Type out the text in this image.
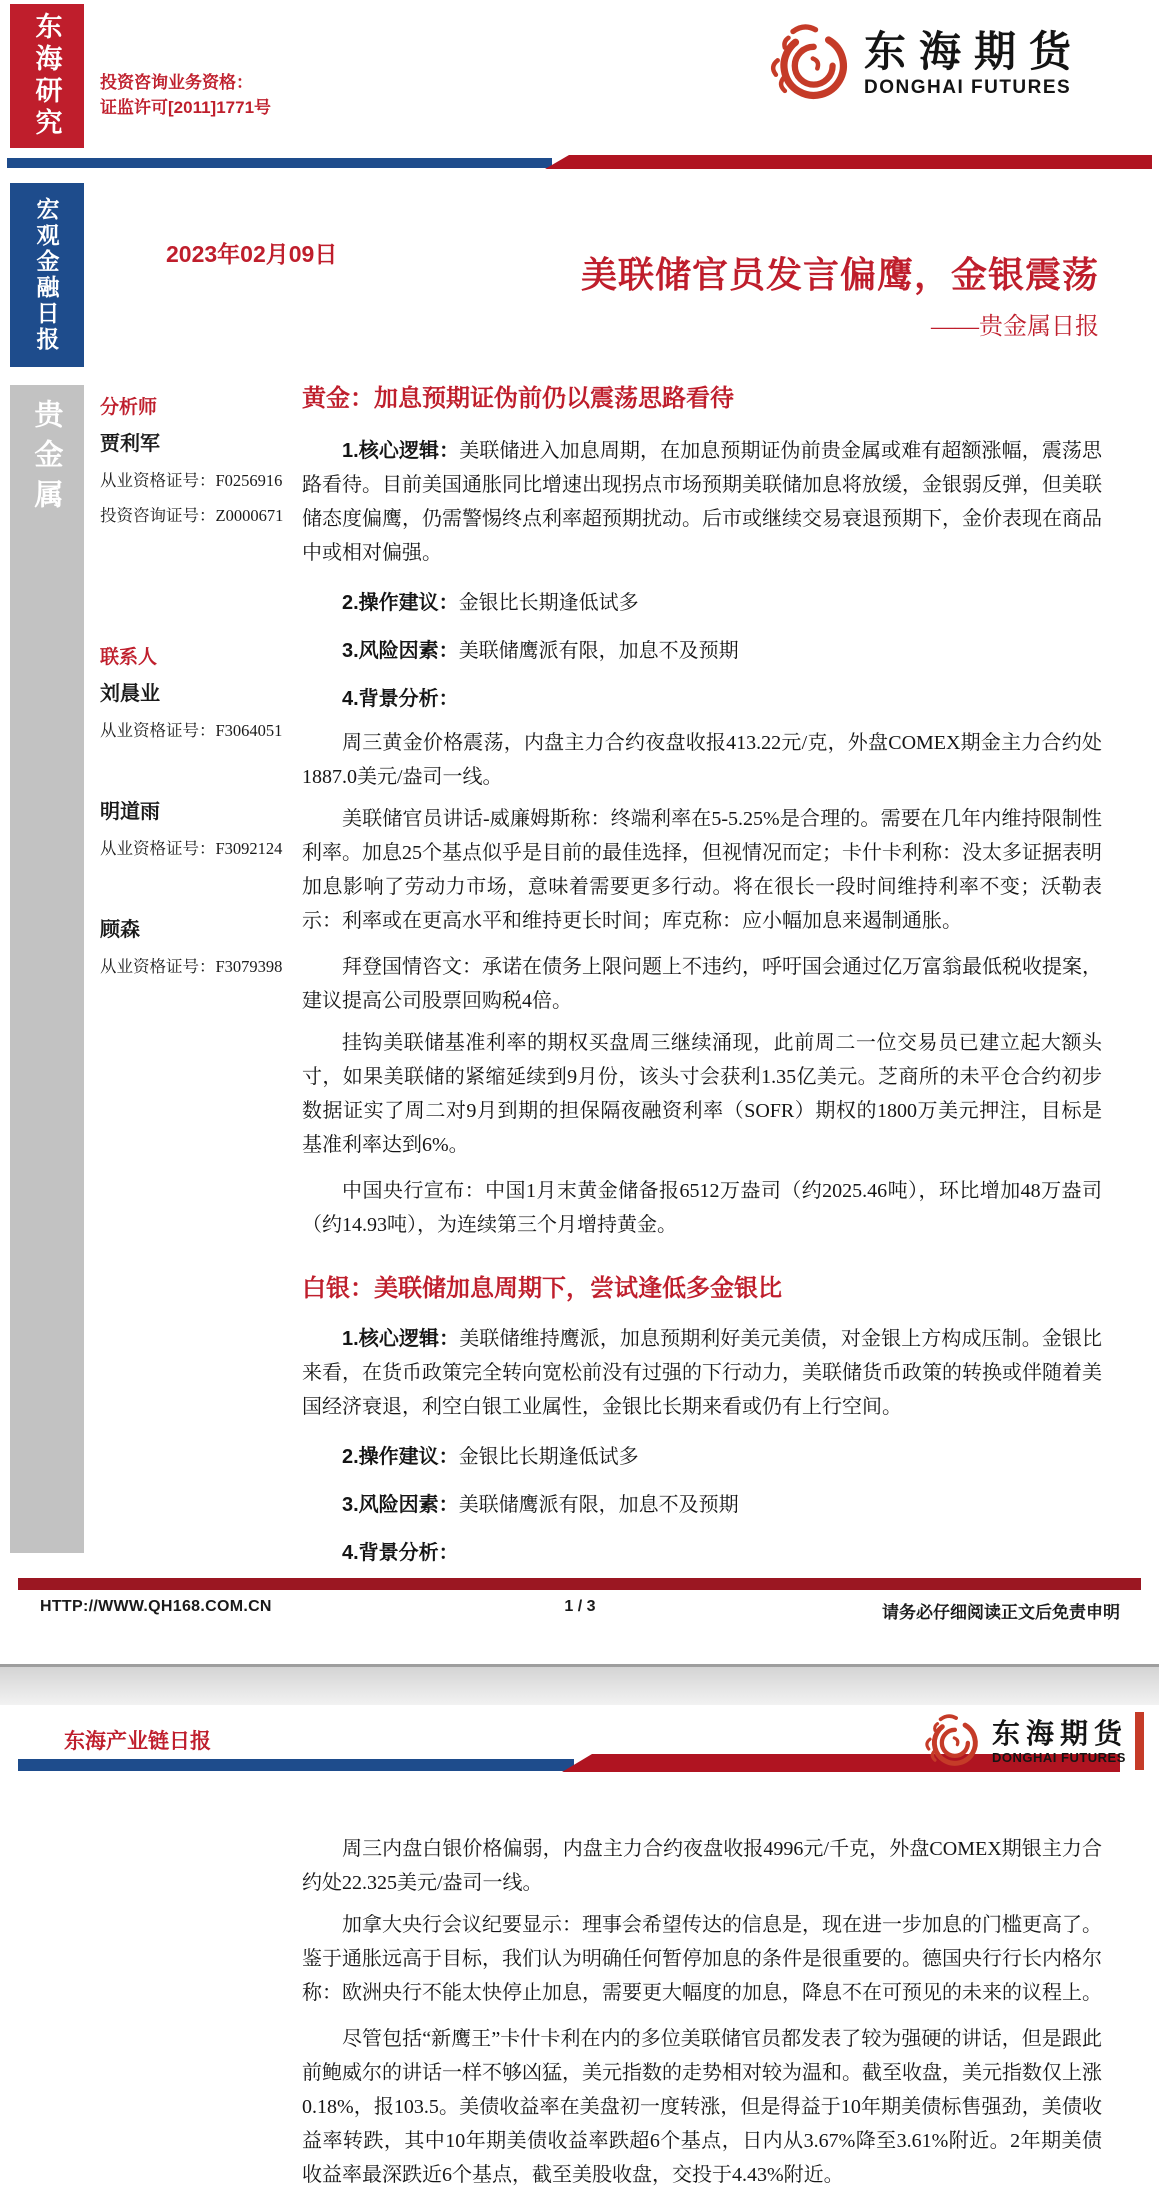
东海研究 投资咨询业务资格：
证监许可[2011]1771号
东海期货
DONGHAI FUTURES
宏观金融日报
贵金属
2023年02月09日	美联储官员发言偏鹰，金银震荡
——贵金属日报
分析师
贾利军
从业资格证号：F0256916
投资咨询证号：Z0000671
联系人
刘晨业
从业资格证号：F3064051
明道雨
从业资格证号：F3092124
顾森
从业资格证号：F3079398
黄金：加息预期证伪前仍以震荡思路看待

1.核心逻辑：美联储进入加息周期，在加息预期证伪前贵金属或难有超额涨幅，震荡思路看待。目前美国通胀同比增速出现拐点市场预期美联储加息将放缓，金银弱反弹，但美联储态度偏鹰，仍需警惕终点利率超预期扰动。后市或继续交易衰退预期下，金价表现在商品中或相对偏强。

2.操作建议：金银比长期逢低试多

3.风险因素：美联储鹰派有限，加息不及预期

4.背景分析：

周三黄金价格震荡，内盘主力合约夜盘收报413.22元/克，外盘COMEX期金主力合约处1887.0美元/盎司一线。

美联储官员讲话-威廉姆斯称：终端利率在5-5.25%是合理的。需要在几年内维持限制性利率。加息25个基点似乎是目前的最佳选择，但视情况而定；卡什卡利称：没太多证据表明加息影响了劳动力市场，意味着需要更多行动。将在很长一段时间维持利率不变；沃勒表示：利率或在更高水平和维持更长时间；库克称：应小幅加息来遏制通胀。

拜登国情咨文：承诺在债务上限问题上不违约，呼吁国会通过亿万富翁最低税收提案，建议提高公司股票回购税4倍。

挂钩美联储基准利率的期权买盘周三继续涌现，此前周二一位交易员已建立起大额头寸，如果美联储的紧缩延续到9月份，该头寸会获利1.35亿美元。芝商所的未平仓合约初步数据证实了周二对9月到期的担保隔夜融资利率（SOFR）期权的1800万美元押注，目标是基准利率达到6%。

中国央行宣布：中国1月末黄金储备报6512万盎司（约2025.46吨），环比增加48万盎司（约14.93吨），为连续第三个月增持黄金。

白银：美联储加息周期下，尝试逢低多金银比

1.核心逻辑：美联储维持鹰派，加息预期利好美元美债，对金银上方构成压制。金银比来看，在货币政策完全转向宽松前没有过强的下行动力，美联储货币政策的转换或伴随着美国经济衰退，利空白银工业属性，金银比长期来看或仍有上行空间。

2.操作建议：金银比长期逢低试多

3.风险因素：美联储鹰派有限，加息不及预期

4.背景分析：

HTTP://WWW.QH168.COM.CN	1 / 3	请务必仔细阅读正文后免责申明
东海产业链日报	东海期货
DONGHAI FUTURES

周三内盘白银价格偏弱，内盘主力合约夜盘收报4996元/千克，外盘COMEX期银主力合约处22.325美元/盎司一线。

加拿大央行会议纪要显示：理事会希望传达的信息是，现在进一步加息的门槛更高了。鉴于通胀远高于目标，我们认为明确任何暂停加息的条件是很重要的。德国央行行长内格尔称：欧洲央行不能太快停止加息，需要更大幅度的加息，降息不在可预见的未来的议程上。

尽管包括“新鹰王”卡什卡利在内的多位美联储官员都发表了较为强硬的讲话，但是跟此前鲍威尔的讲话一样不够凶猛，美元指数的走势相对较为温和。截至收盘，美元指数仅上涨0.18%，报103.5。美债收益率在美盘初一度转涨，但是得益于10年期美债标售强劲，美债收益率转跌，其中10年期美债收益率跌超6个基点，日内从3.67%降至3.61%附近。2年期美债收益率最深跌近6个基点，截至美股收盘，交投于4.43%附近。
